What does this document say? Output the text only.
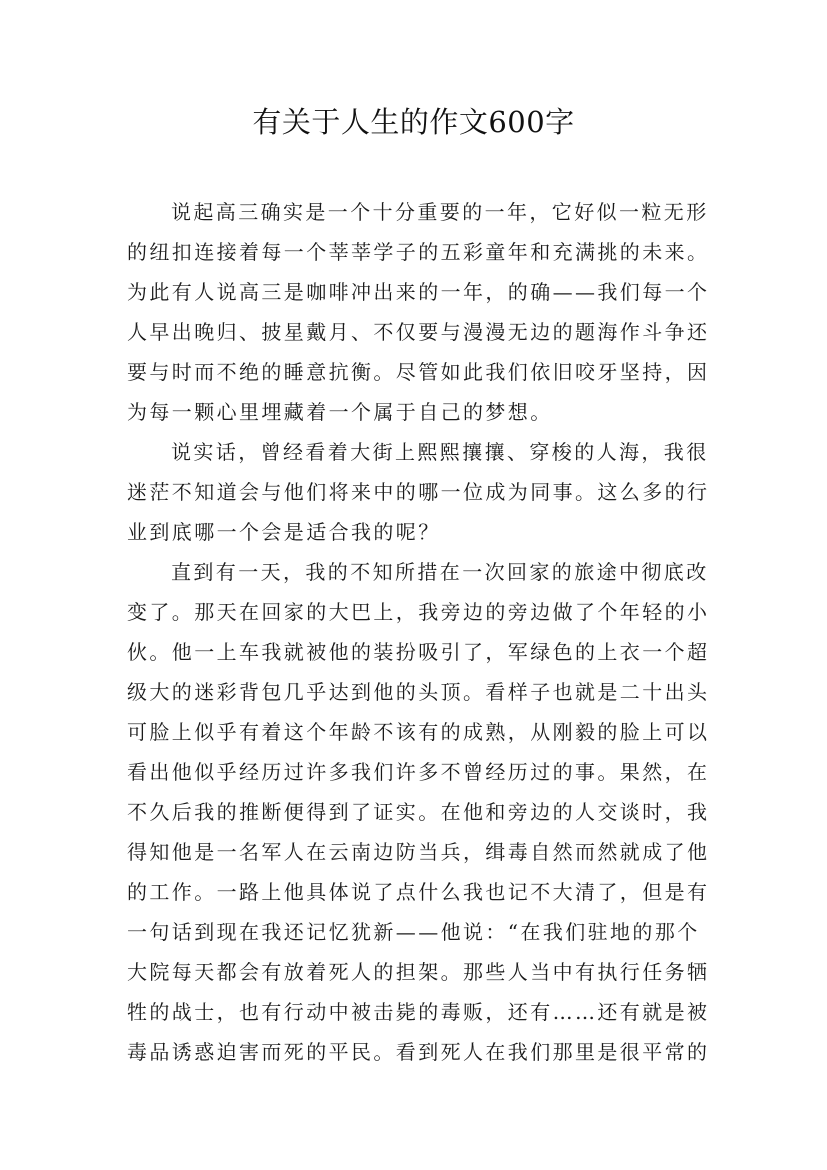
有关于人生的作文600字
说起高三确实是一个十分重要的一年，它好似一粒无形
的纽扣连接着每一个莘莘学子的五彩童年和充满挑的未来。
为此有人说高三是咖啡冲出来的一年，的确——我们每一个
人早出晚归、披星戴月、不仅要与漫漫无边的题海作斗争还
要与时而不绝的睡意抗衡。尽管如此我们依旧咬牙坚持，因
为每一颗心里埋藏着一个属于自己的梦想。
说实话，曾经看着大街上熙熙攘攘、穿梭的人海，我很
迷茫不知道会与他们将来中的哪一位成为同事。这么多的行
业到底哪一个会是适合我的呢？
直到有一天，我的不知所措在一次回家的旅途中彻底改
变了。那天在回家的大巴上，我旁边的旁边做了个年轻的小
伙。他一上车我就被他的装扮吸引了，军绿色的上衣一个超
级大的迷彩背包几乎达到他的头顶。看样子也就是二十出头
可脸上似乎有着这个年龄不该有的成熟，从刚毅的脸上可以
看出他似乎经历过许多我们许多不曾经历过的事。果然，在
不久后我的推断便得到了证实。在他和旁边的人交谈时，我
得知他是一名军人在云南边防当兵，缉毒自然而然就成了他
的工作。一路上他具体说了点什么我也记不大清了，但是有
一句话到现在我还记忆犹新——他说：“在我们驻地的那个
大院每天都会有放着死人的担架。那些人当中有执行任务牺
牲的战士，也有行动中被击毙的毒贩，还有……还有就是被
毒品诱惑迫害而死的平民。看到死人在我们那里是很平常的
